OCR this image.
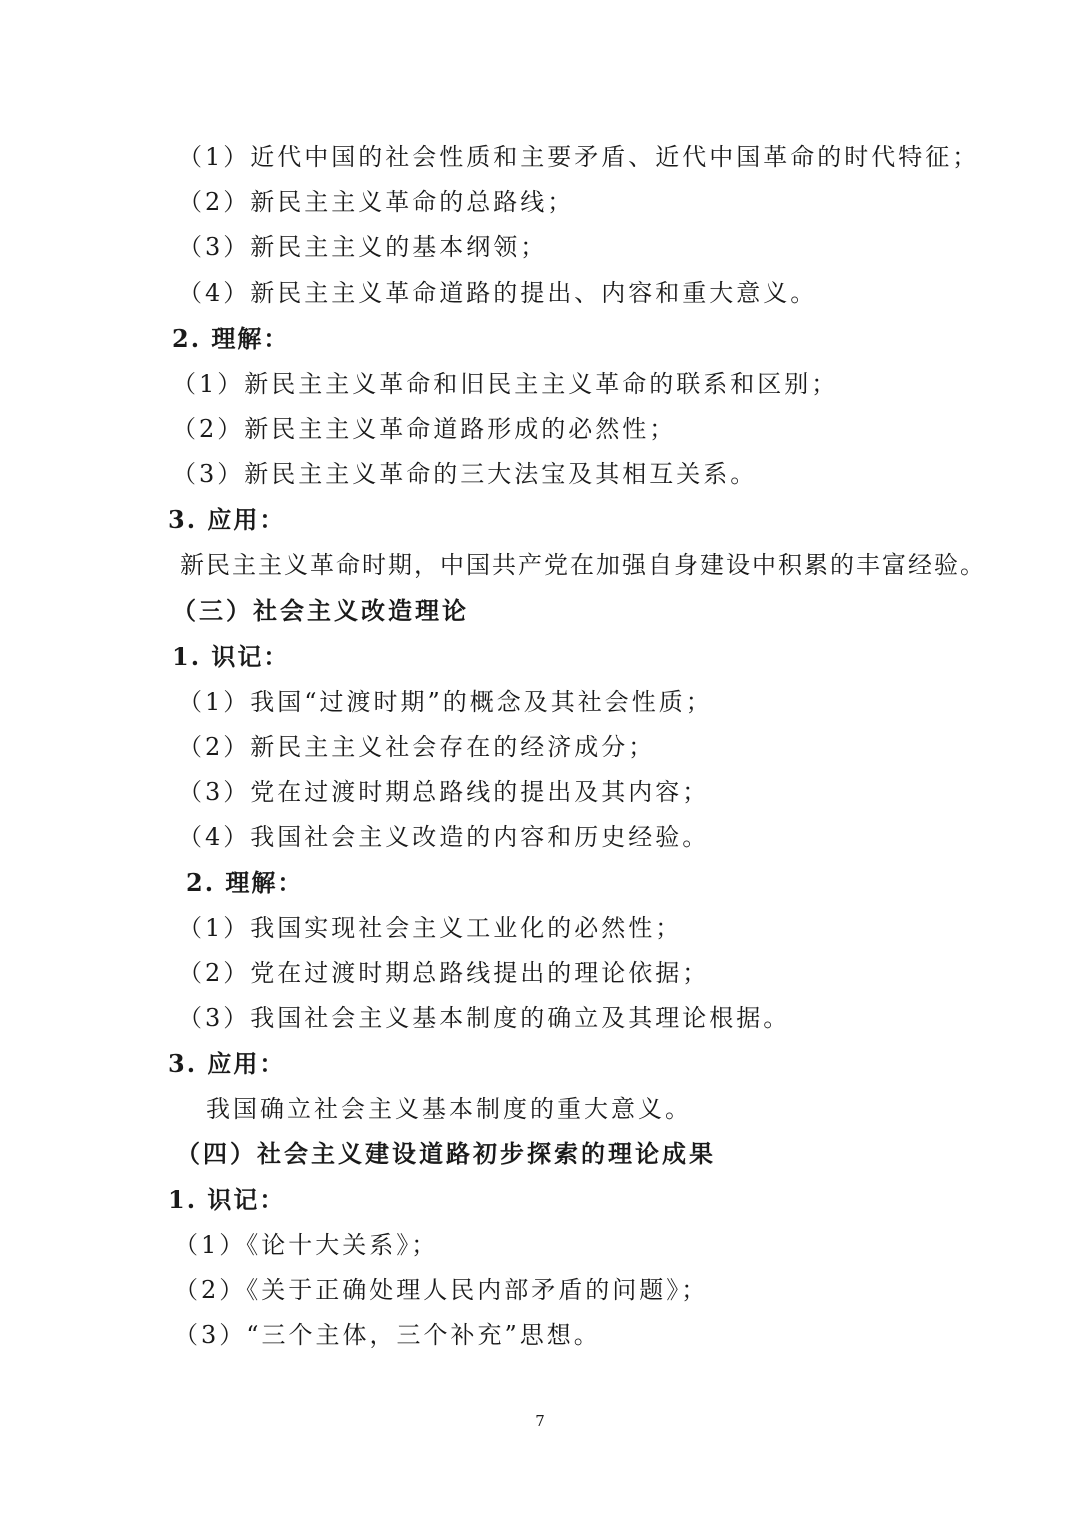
（1）近代中国的社会性质和主要矛盾、近代中国革命的时代特征；
（2）新民主主义革命的总路线；
（3）新民主主义的基本纲领；
（4）新民主主义革命道路的提出、内容和重大意义。
2. 理解：
（1）新民主主义革命和旧民主主义革命的联系和区别；
（2）新民主主义革命道路形成的必然性；
（3）新民主主义革命的三大法宝及其相互关系。
3. 应用：
新民主主义革命时期，中国共产党在加强自身建设中积累的丰富经验。
（三）社会主义改造理论
1. 识记：
（1）我国“过渡时期”的概念及其社会性质；
（2）新民主主义社会存在的经济成分；
（3）党在过渡时期总路线的提出及其内容；
（4）我国社会主义改造的内容和历史经验。
2. 理解：
（1）我国实现社会主义工业化的必然性；
（2）党在过渡时期总路线提出的理论依据；
（3）我国社会主义基本制度的确立及其理论根据。
3. 应用：
我国确立社会主义基本制度的重大意义。
（四）社会主义建设道路初步探索的理论成果
1. 识记：
（1）《论十大关系》；
（2）《关于正确处理人民内部矛盾的问题》；
（3）“三个主体，三个补充”思想。
7
